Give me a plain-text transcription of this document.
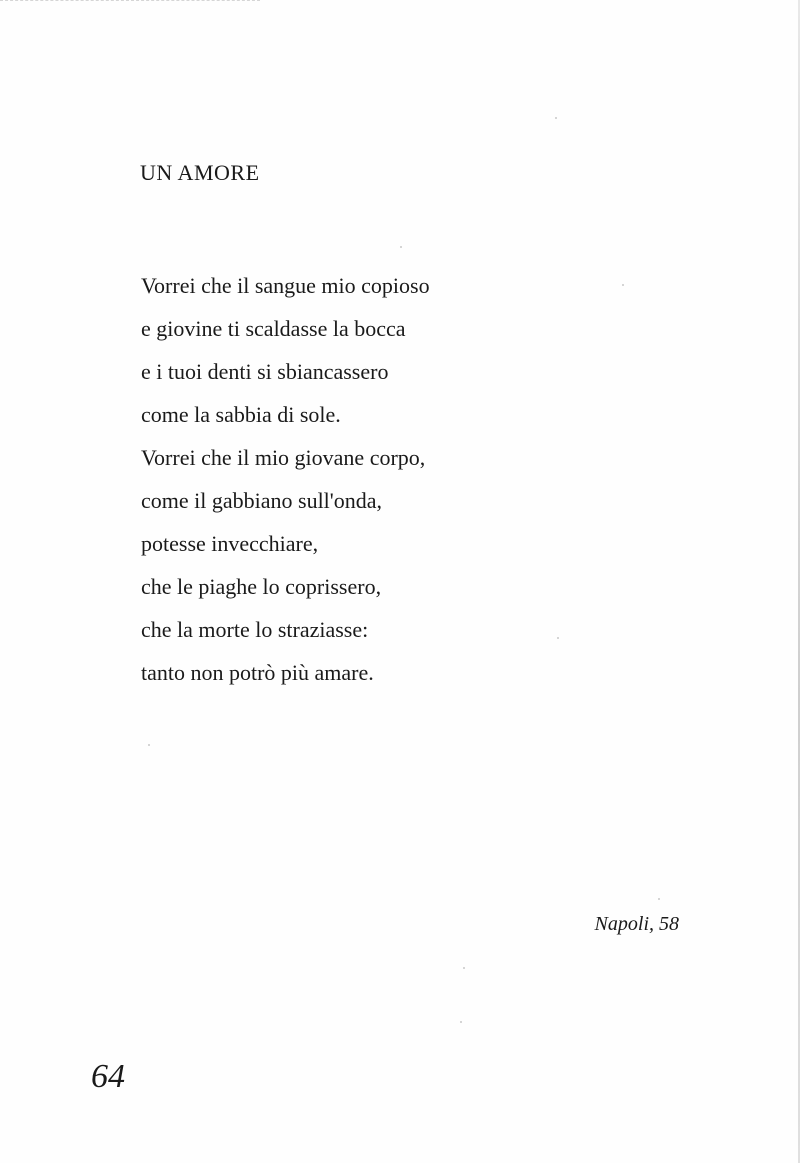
UN AMORE
Vorrei che il sangue mio copioso
e giovine ti scaldasse la bocca
e i tuoi denti si sbiancassero
come la sabbia di sole.
Vorrei che il mio giovane corpo,
come il gabbiano sull'onda,
potesse invecchiare,
che le piaghe lo coprissero,
che la morte lo straziasse:
tanto non potrò più amare.
Napoli, 58
64
